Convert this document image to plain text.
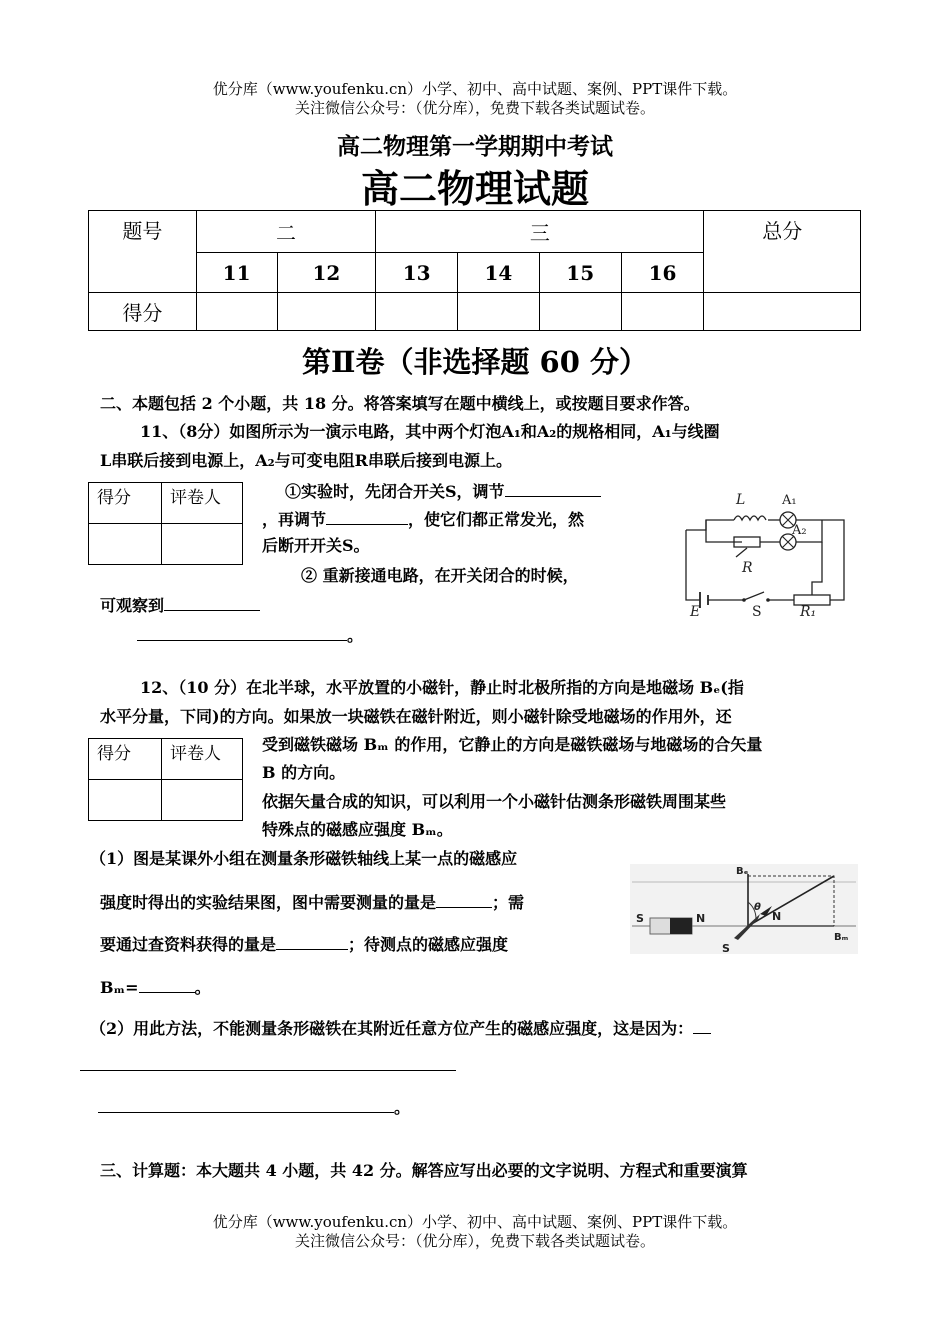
优分库（www.youfenku.cn）小学、初中、高中试题、案例、PPT课件下载。
关注微信公众号：（优分库），免费下载各类试题试卷。
高二物理第一学期期中考试
高二物理试题
题号	二		三				总分
	11	12	13	14	15	16	
得分							
第Ⅱ卷（非选择题 60 分）
二、本题包括 2 个小题，共 18 分。将答案填写在题中横线上，或按题目要求作答。
11、（8分）如图所示为一演示电路，其中两个灯泡A₁和A₂的规格相同，A₁与线圈
L串联后接到电源上，A₂与可变电阻R串联后接到电源上。
得分	评卷人
		①实验时，先闭合开关S，调节
，再调节	，使它们都正常发光，然
后断开开关S。
② 重新接通电路，在开关闭合的时候，
可观察到
。
L	A₁
A₂
R
E	S	R₁
12、（10 分）在北半球，水平放置的小磁针，静止时北极所指的方向是地磁场 Bₑ(指
水平分量，下同)的方向。如果放一块磁铁在磁针附近，则小磁针除受地磁场的作用外，还
得分	评卷人
		受到磁铁磁场 Bₘ 的作用，它静止的方向是磁铁磁场与地磁场的合矢量
B 的方向。
依据矢量合成的知识，可以利用一个小磁针估测条形磁铁周围某些
特殊点的磁感应强度 Bₘ。
（1）图是某课外小组在测量条形磁铁轴线上某一点的磁感应
强度时得出的实验结果图，图中需要测量的量是	；需
要通过查资料获得的量是	；待测点的磁感应强度
Bₘ=	。
S	N
S
N
Bₑ
Bₘ
θ
（2）用此方法，不能测量条形磁铁在其附近任意方位产生的磁感应强度，这是因为：
。
三、计算题：本大题共 4 小题，共 42 分。解答应写出必要的文字说明、方程式和重要演算
优分库（www.youfenku.cn）小学、初中、高中试题、案例、PPT课件下载。
关注微信公众号：（优分库），免费下载各类试题试卷。
